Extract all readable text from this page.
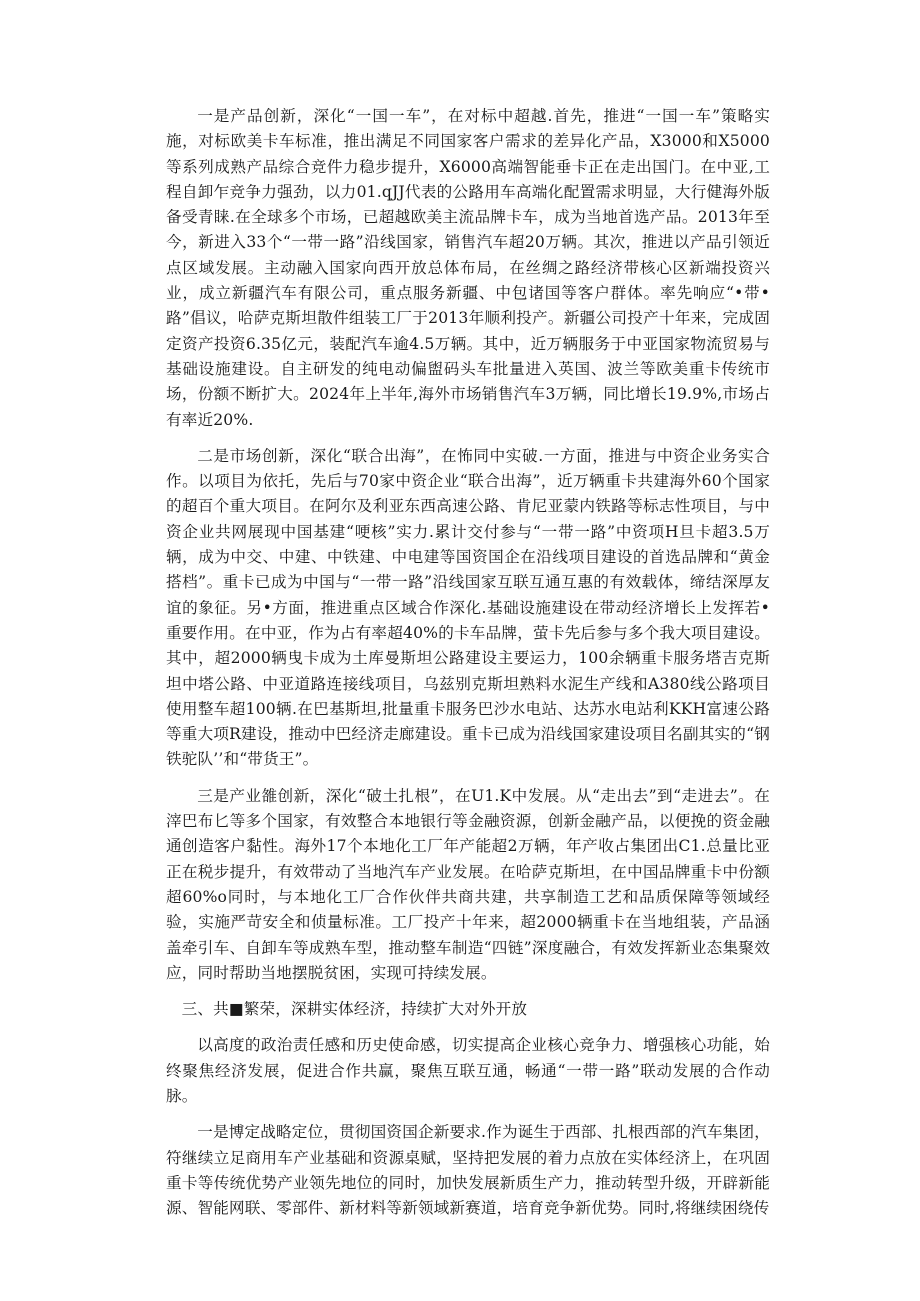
一是产品创新，深化“一国一车”，在对标中超越.首先，推进“一国一车”策略实施，对标欧美卡车标准，推出满足不同国家客户需求的差异化产品，X3000和X5000等系列成熟产品综合竞件力稳步提升，X6000高端智能垂卡正在走出国门。在中亚,工程自卸乍竞争力强劲，以力01.qJJ代表的公路用车高端化配置需求明显，大行健海外版备受青睐.在全球多个市场，已超越欧美主流品牌卡车，成为当地首选产品。2013年至今，新进入33个“一带一路”沿线国家，销售汽车超20万辆。其次，推进以产品引领近点区域发展。主动融入国家向西开放总体布局，在丝绸之路经济带核心区新端投资兴业，成立新疆汽车有限公司，重点服务新疆、中包诸国等客户群体。率先响应“•带•路”倡议，哈萨克斯坦散件组装工厂于2013年顺利投产。新疆公司投产十年来，完成固定资产投资6.35亿元，装配汽车逾4.5万辆。其中，近万辆服务于中亚国家物流贸易与基础设施建设。自主研发的纯电动偏盥码头车批量进入英国、波兰等欧美重卡传统市场，份额不断扩大。2024年上半年,海外市场销售汽车3万辆，同比增长19.9%,市场占有率近20%.

二是市场创新，深化“联合出海”，在怖同中实破.一方面，推进与中资企业务实合作。以项目为依托，先后与70家中资企业“联合出海”，近万辆重卡共建海外60个国家的超百个重大项目。在阿尔及利亚东西高速公路、肯尼亚蒙内铁路等标志性项目，与中资企业共网展现中国基建“哽核”实力.累计交付参与“一带一路”中资项H旦卡超3.5万辆，成为中交、中建、中铁建、中电建等国资国企在沿线项目建设的首选品牌和“黄金搭档”。重卡已成为中国与“一带一路”沿线国家互联互通互惠的有效载体，缔结深厚友谊的象征。另•方面，推进重点区域合作深化.基础设施建设在带动经济增长上发挥若•重要作用。在中亚，作为占有率超40%的卡车品牌，萤卡先后参与多个我大项目建设。其中，超2000辆曳卡成为土库曼斯坦公路建设主要运力，100余辆重卡服务塔吉克斯坦中塔公路、中亚道路连接线项目，乌兹别克斯坦熟料水泥生产线和A380线公路项目使用整车超100辆.在巴基斯坦,批量重卡服务巴沙水电站、达苏水电站利KKH富速公路等重大项R建设，推动中巴经济走廊建设。重卡已成为沿线国家建设项目名副其实的“钢铁驼队’’和“带货王”。

三是产业雒创新，深化“破土扎根”，在U1.K中发展。从“走出去”到“走进去”。在滓巴布匕等多个国家，有效整合本地银行等金融资源，创新金融产品，以便挽的资金融通创造客户黏性。海外17个本地化工厂年产能超2万辆，年产收占集团出C1.总量比亚正在税步提升，有效带动了当地汽车产业发展。在哈萨克斯坦，在中国品牌重卡中份额超60%o同时，与本地化工厂合作伙伴共商共建，共享制造工艺和品质保障等领域经验，实施严苛安全和侦量标准。工厂投产十年来，超2000辆重卡在当地组装，产品涵盖牵引车、自卸车等成熟车型，推动整车制造“四链”深度融合，有效发挥新业态集聚效应，同时帮助当地摆脱贫困，实现可持续发展。

三、共■繁荣，深耕实体经济，持续扩大对外开放

以高度的政治责任感和历史使命感，切实提高企业核心竞争力、增强核心功能，始终聚焦经济发展，促进合作共赢，聚焦互联互通，畅通“一带一路”联动发展的合作动脉。

一是博定战略定位，贯彻国资国企新要求.作为诞生于西部、扎根西部的汽车集团，符继续立足商用车产业基础和资源桌赋，坚持把发展的着力点放在实体经济上，在巩固重卡等传统优势产业领先地位的同时，加快发展新质生产力，推动转型升级，开辟新能源、智能网联、零部件、新材料等新领域新赛道，培育竞争新优势。同时,将继续困绕传
